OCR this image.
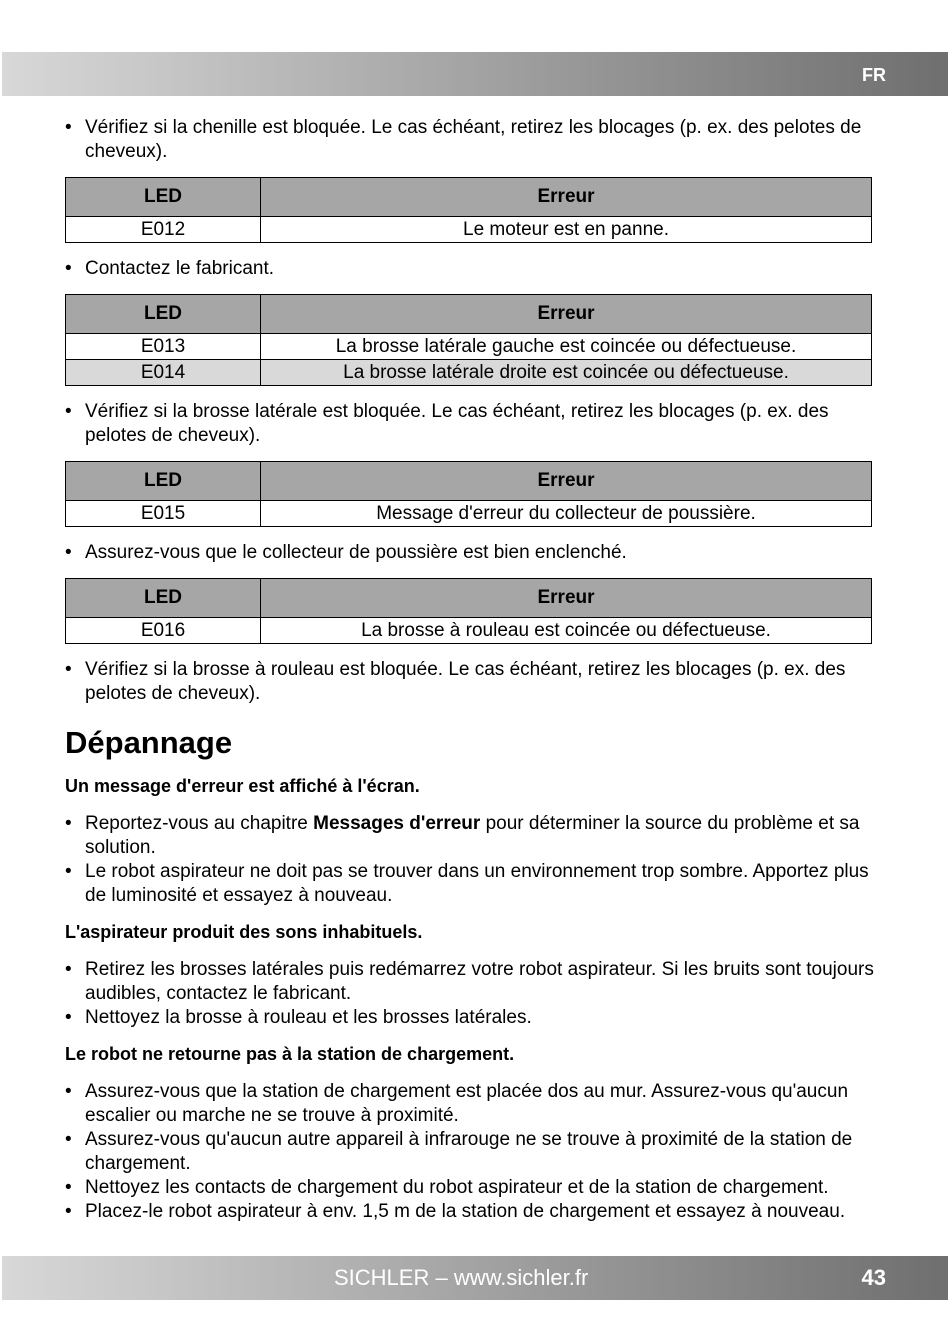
FR
• Vérifiez si la chenille est bloquée. Le cas échéant, retirez les blocages (p. ex. des pelotes de cheveux).
LED	Erreur
E012	Le moteur est en panne.
• Contactez le fabricant.
LED	Erreur
E013	La brosse latérale gauche est coincée ou défectueuse.
E014	La brosse latérale droite est coincée ou défectueuse.
• Vérifiez si la brosse latérale est bloquée. Le cas échéant, retirez les blocages (p. ex. des pelotes de cheveux).
LED	Erreur
E015	Message d'erreur du collecteur de poussière.
• Assurez-vous que le collecteur de poussière est bien enclenché.
LED	Erreur
E016	La brosse à rouleau est coincée ou défectueuse.
• Vérifiez si la brosse à rouleau est bloquée. Le cas échéant, retirez les blocages (p. ex. des pelotes de cheveux).
Dépannage
Un message d'erreur est affiché à l'écran.
• Reportez-vous au chapitre Messages d'erreur pour déterminer la source du problème et sa solution.
• Le robot aspirateur ne doit pas se trouver dans un environnement trop sombre. Apportez plus de luminosité et essayez à nouveau.
L'aspirateur produit des sons inhabituels.
• Retirez les brosses latérales puis redémarrez votre robot aspirateur. Si les bruits sont toujours audibles, contactez le fabricant.
• Nettoyez la brosse à rouleau et les brosses latérales.
Le robot ne retourne pas à la station de chargement.
• Assurez-vous que la station de chargement est placée dos au mur. Assurez-vous qu'aucun escalier ou marche ne se trouve à proximité.
• Assurez-vous qu'aucun autre appareil à infrarouge ne se trouve à proximité de la station de chargement.
• Nettoyez les contacts de chargement du robot aspirateur et de la station de chargement.
• Placez-le robot aspirateur à env. 1,5 m de la station de chargement et essayez à nouveau.
SICHLER – www.sichler.fr	43
